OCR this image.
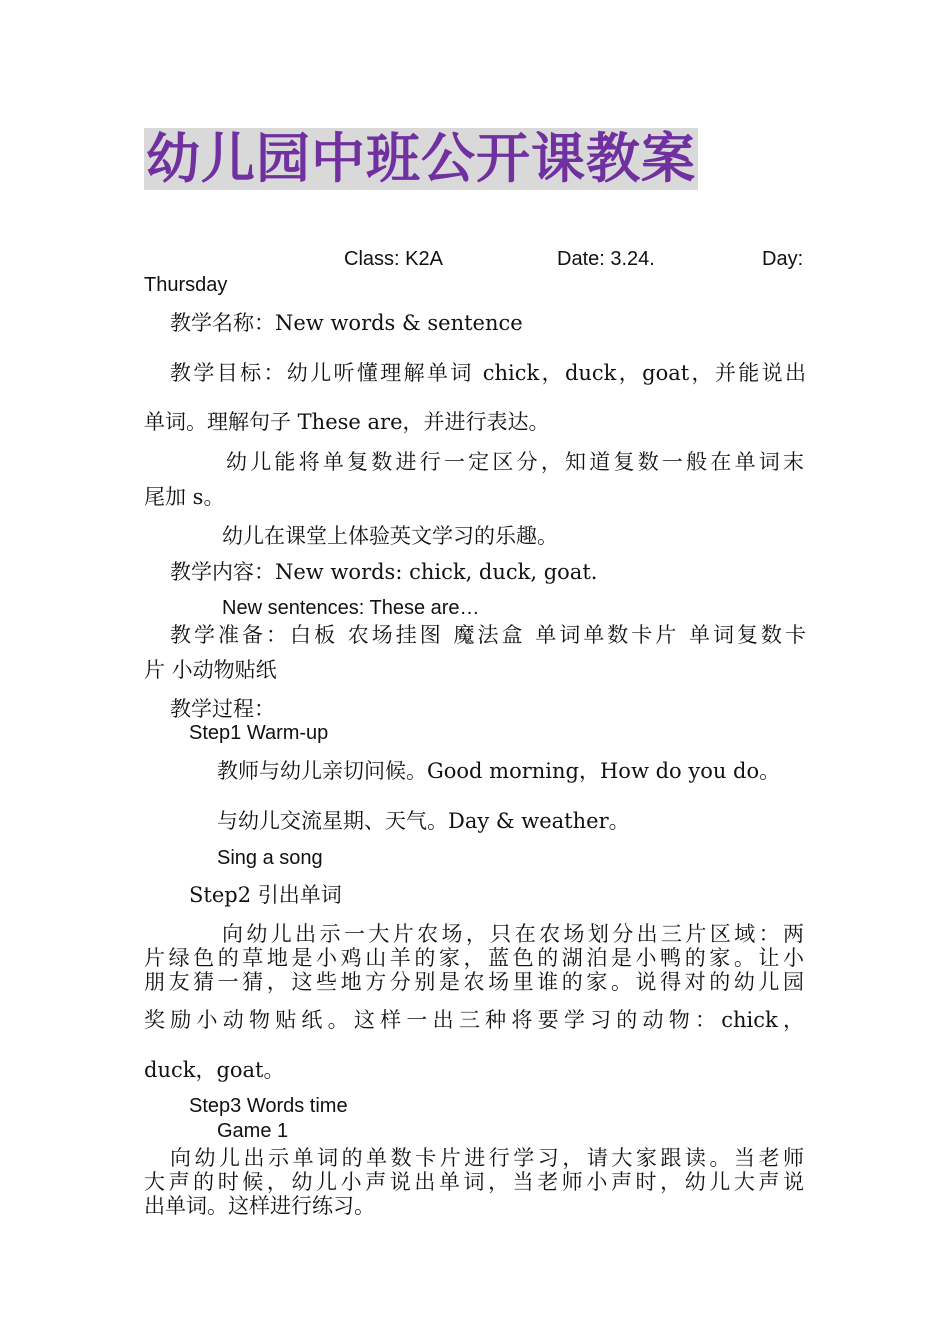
幼儿园中班公开课教案
Class: K2A	Date: 3.24.	Day:
Thursday
教学名称：New words & sentence
教学目标：幼儿听懂理解单词 chick，duck，goat，并能说出
单词。理解句子 These are，并进行表达。
幼儿能将单复数进行一定区分，知道复数一般在单词末
尾加 s。
幼儿在课堂上体验英文学习的乐趣。
教学内容：New words: chick, duck, goat.
New sentences: These are…
教学准备：白板 农场挂图 魔法盒 单词单数卡片 单词复数卡
片 小动物贴纸
教学过程：
Step1 Warm-up
教师与幼儿亲切问候。Good morning，How do you do。
与幼儿交流星期、天气。Day & weather。
Sing a song
Step2 引出单词
向幼儿出示一大片农场，只在农场划分出三片区域：两
片绿色的草地是小鸡山羊的家，蓝色的湖泊是小鸭的家。让小
朋友猜一猜，这些地方分别是农场里谁的家。说得对的幼儿园
奖励小动物贴纸。这样一出三种将要学习的动物：chick，
duck，goat。
Step3 Words time
Game 1
向幼儿出示单词的单数卡片进行学习，请大家跟读。当老师
大声的时候，幼儿小声说出单词，当老师小声时，幼儿大声说
出单词。这样进行练习。
